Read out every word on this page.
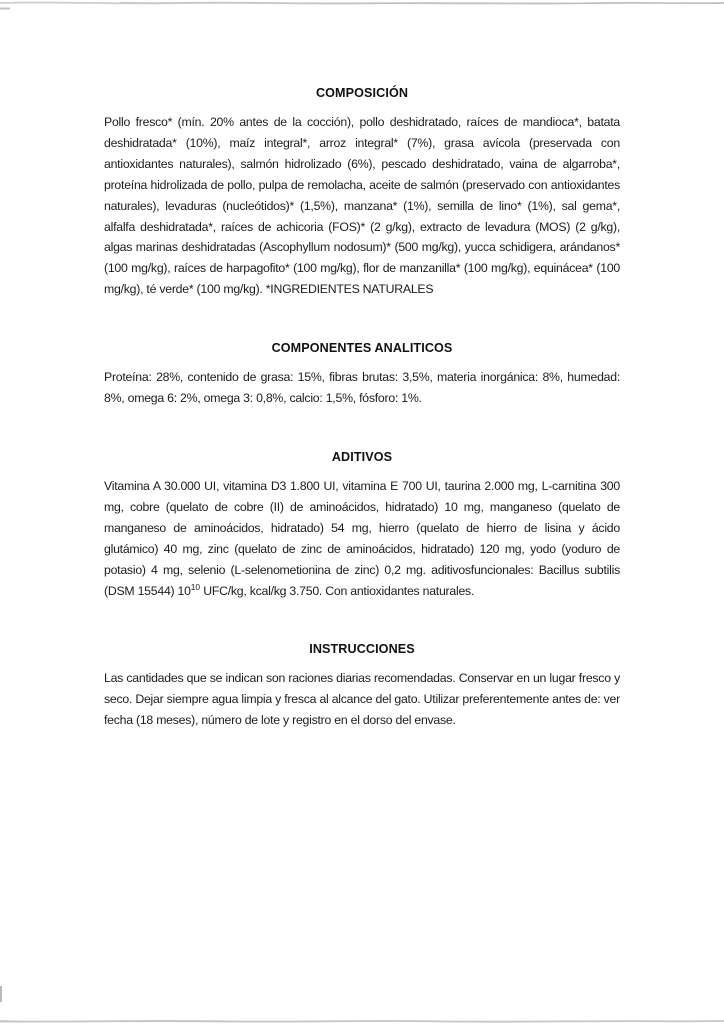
COMPOSICIÓN

Pollo fresco* (mín. 20% antes de la cocción), pollo deshidratado, raíces de mandioca*, batata deshidratada* (10%), maíz integral*, arroz integral* (7%), grasa avícola (preservada con antioxidantes naturales), salmón hidrolizado (6%), pescado deshidratado, vaina de algarroba*, proteína hidrolizada de pollo, pulpa de remolacha, aceite de salmón (preservado con antioxidantes naturales), levaduras (nucleótidos)* (1,5%), manzana* (1%), semilla de lino* (1%), sal gema*, alfalfa deshidratada*, raíces de achicoria (FOS)* (2 g/kg), extracto de levadura (MOS) (2 g/kg), algas marinas deshidratadas (Ascophyllum nodosum)* (500 mg/kg), yucca schidigera, arándanos* (100 mg/kg), raíces de harpagofito* (100 mg/kg), flor de manzanilla* (100 mg/kg), equinácea* (100 mg/kg), té verde* (100 mg/kg). *INGREDIENTES NATURALES

COMPONENTES ANALITICOS

Proteína: 28%, contenido de grasa: 15%, fibras brutas: 3,5%, materia inorgánica: 8%, humedad: 8%, omega 6: 2%, omega 3: 0,8%, calcio: 1,5%, fósforo: 1%.

ADITIVOS

Vitamina A 30.000 UI, vitamina D3 1.800 UI, vitamina E 700 UI, taurina 2.000 mg, L-carnitina 300 mg, cobre (quelato de cobre (II) de aminoácidos, hidratado) 10 mg, manganeso (quelato de manganeso de aminoácidos, hidratado) 54 mg, hierro (quelato de hierro de lisina y ácido glutámico) 40 mg, zinc (quelato de zinc de aminoácidos, hidratado) 120 mg, yodo (yoduro de potasio) 4 mg, selenio (L-selenometionina de zinc) 0,2 mg. aditivosfuncionales: Bacillus subtilis (DSM 15544) $10^{10}$ UFC/kg, kcal/kg 3.750. Con antioxidantes naturales.

INSTRUCCIONES

Las cantidades que se indican son raciones diarias recomendadas. Conservar en un lugar fresco y seco. Dejar siempre agua limpia y fresca al alcance del gato. Utilizar preferentemente antes de: ver fecha (18 meses), número de lote y registro en el dorso del envase.
